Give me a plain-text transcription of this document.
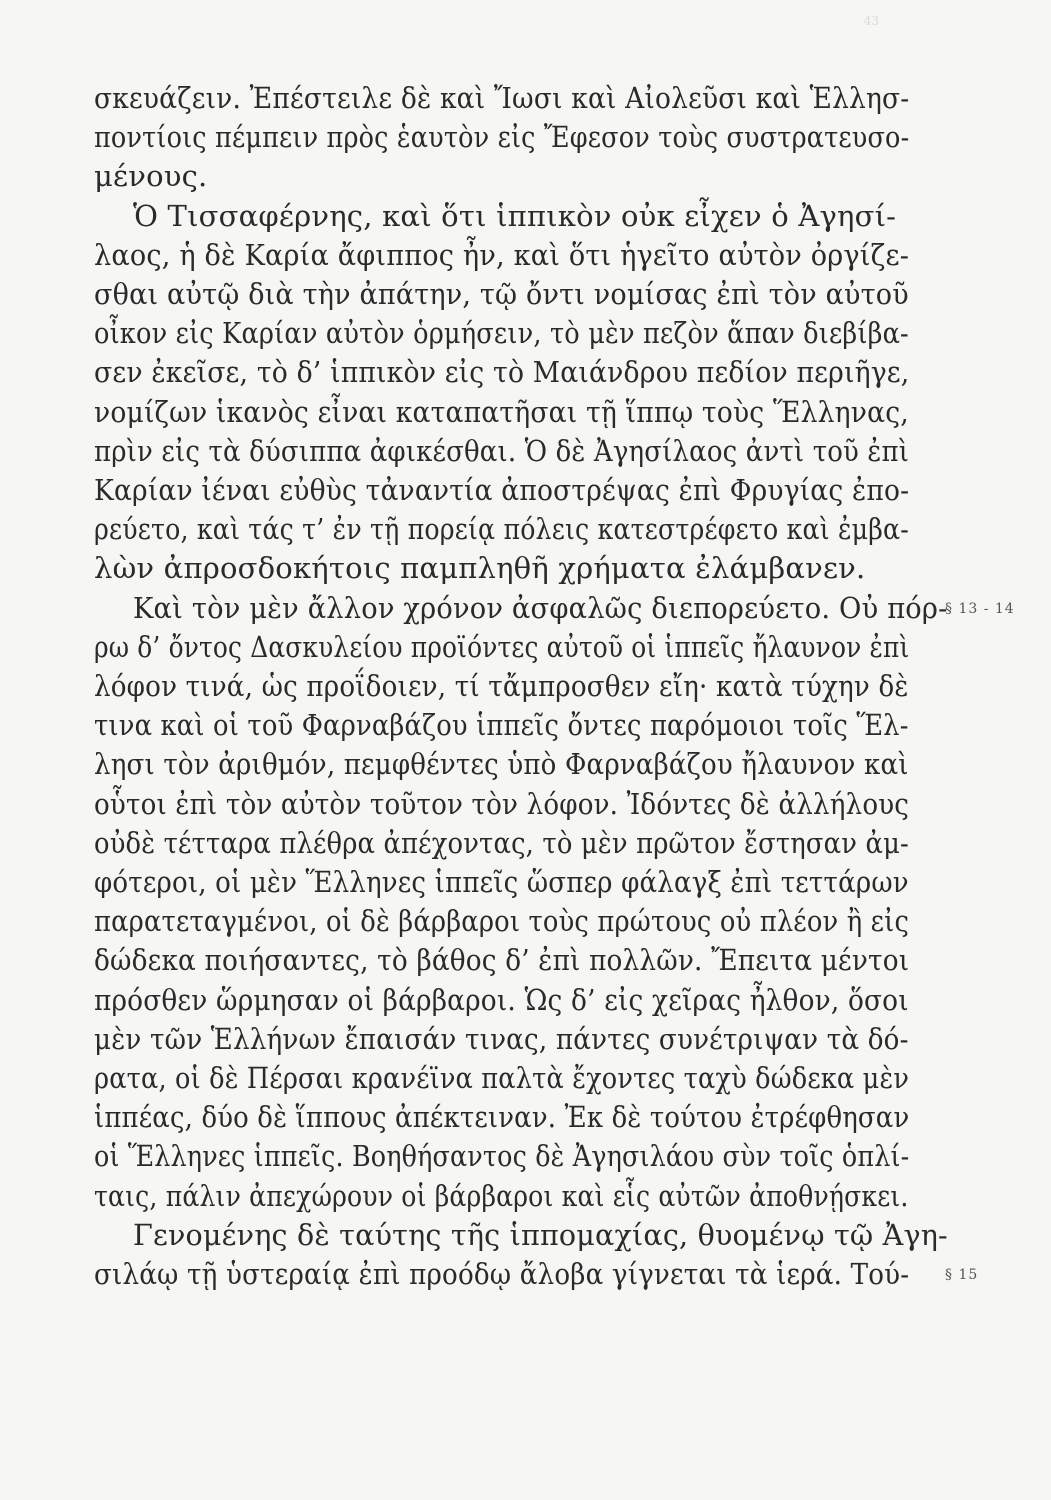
43
σκευάζειν. Ἐπέστειλε δὲ καὶ Ἴωσι καὶ Αἰολεῦσι καὶ Ἑλλησ-
ποντίοις πέμπειν πρὸς ἑαυτὸν εἰς Ἔφεσον τοὺς συστρατευσο-
μένους.
Ὁ Τισσαφέρνης, καὶ ὅτι ἱππικὸν οὐκ εἶχεν ὁ Ἀγησί-
λαος, ἡ δὲ Καρία ἄφιππος ἦν, καὶ ὅτι ἡγεῖτο αὐτὸν ὀργίζε-
σθαι αὐτῷ διὰ τὴν ἀπάτην, τῷ ὄντι νομίσας ἐπὶ τὸν αὐτοῦ
οἶκον εἰς Καρίαν αὐτὸν ὁρμήσειν, τὸ μὲν πεζὸν ἅπαν διεβίβα-
σεν ἐκεῖσε, τὸ δ’ ἱππικὸν εἰς τὸ Μαιάνδρου πεδίον περιῆγε,
νομίζων ἱκανὸς εἶναι καταπατῆσαι τῇ ἵππῳ τοὺς Ἕλληνας,
πρὶν εἰς τὰ δύσιππα ἀφικέσθαι. Ὁ δὲ Ἀγησίλαος ἀντὶ τοῦ ἐπὶ
Καρίαν ἰέναι εὐθὺς τἀναντία ἀποστρέψας ἐπὶ Φρυγίας ἐπο-
ρεύετο, καὶ τάς τ’ ἐν τῇ πορείᾳ πόλεις κατεστρέφετο καὶ ἐμβα-
λὼν ἀπροσδοκήτοις παμπληθῆ χρήματα ἐλάμβανεν.
Καὶ τὸν μὲν ἄλλον χρόνον ἀσφαλῶς διεπορεύετο. Οὐ πόρ-
ρω δ’ ὄντος Δασκυλείου προϊόντες αὐτοῦ οἱ ἱππεῖς ἤλαυνον ἐπὶ
λόφον τινά, ὡς προΐδοιεν, τί τἄμπροσθεν εἴη· κατὰ τύχην δὲ
τινα καὶ οἱ τοῦ Φαρναβάζου ἱππεῖς ὄντες παρόμοιοι τοῖς Ἕλ-
λησι τὸν ἀριθμόν, πεμφθέντες ὑπὸ Φαρναβάζου ἤλαυνον καὶ
οὗτοι ἐπὶ τὸν αὐτὸν τοῦτον τὸν λόφον. Ἰδόντες δὲ ἀλλήλους
οὐδὲ τέτταρα πλέθρα ἀπέχοντας, τὸ μὲν πρῶτον ἔστησαν ἀμ-
φότεροι, οἱ μὲν Ἕλληνες ἱππεῖς ὥσπερ φάλαγξ ἐπὶ τεττάρων
παρατεταγμένοι, οἱ δὲ βάρβαροι τοὺς πρώτους οὐ πλέον ἢ εἰς
δώδεκα ποιήσαντες, τὸ βάθος δ’ ἐπὶ πολλῶν. Ἔπειτα μέντοι
πρόσθεν ὥρμησαν οἱ βάρβαροι. Ὡς δ’ εἰς χεῖρας ἦλθον, ὅσοι
μὲν τῶν Ἑλλήνων ἔπαισάν τινας, πάντες συνέτριψαν τὰ δό-
ρατα, οἱ δὲ Πέρσαι κρανέϊνα παλτὰ ἔχοντες ταχὺ δώδεκα μὲν
ἱππέας, δύο δὲ ἵππους ἀπέκτειναν. Ἐκ δὲ τούτου ἐτρέφθησαν
οἱ Ἕλληνες ἱππεῖς. Βοηθήσαντος δὲ Ἀγησιλάου σὺν τοῖς ὁπλί-
ταις, πάλιν ἀπεχώρουν οἱ βάρβαροι καὶ εἷς αὐτῶν ἀποθνῄσκει.
Γενομένης δὲ ταύτης τῆς ἱππομαχίας, θυομένῳ τῷ Ἀγη-
σιλάῳ τῇ ὑστεραίᾳ ἐπὶ προόδῳ ἄλοβα γίγνεται τὰ ἱερά. Τού-
§ 13 - 14
§ 15
